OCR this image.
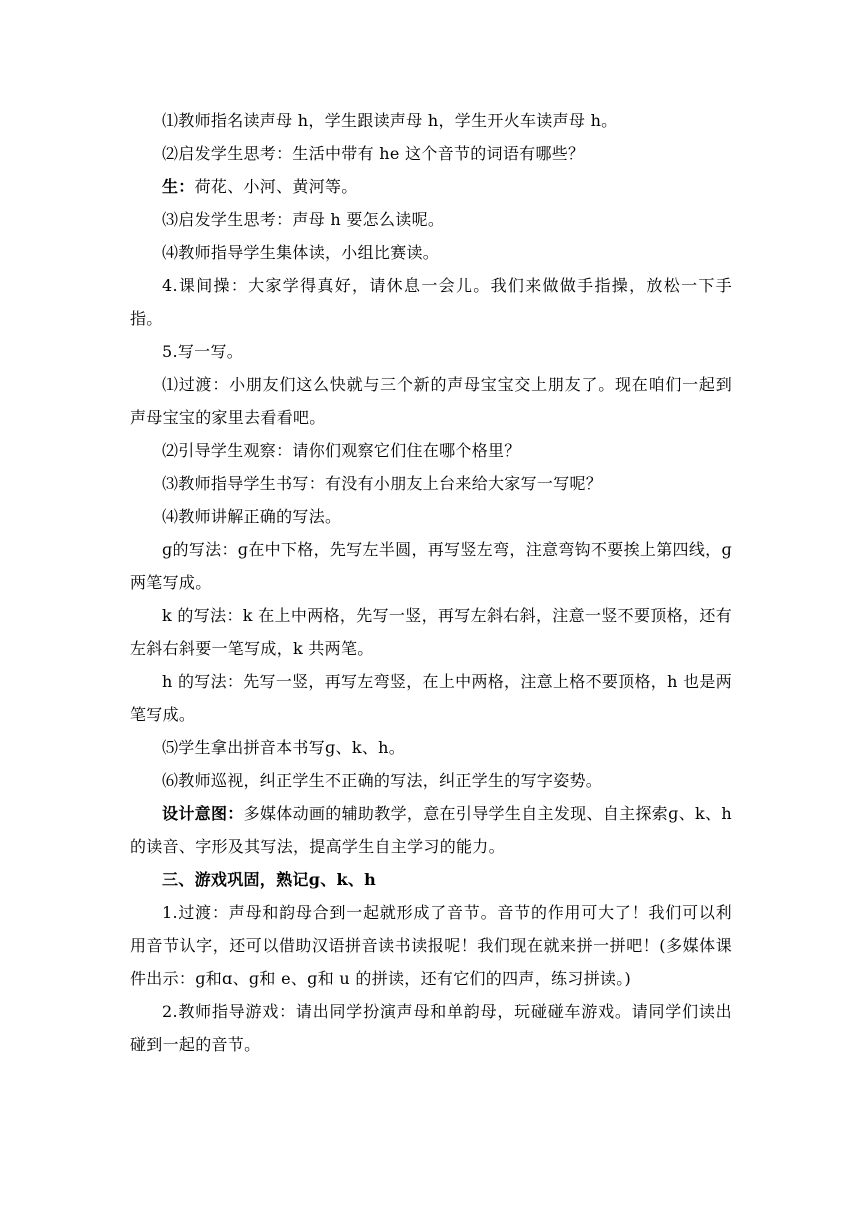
⑴教师指名读声母 h，学生跟读声母 h，学生开火车读声母 h。

⑵启发学生思考：生活中带有 he 这个音节的词语有哪些？

生：荷花、小河、黄河等。

⑶启发学生思考：声母 h 要怎么读呢。

⑷教师指导学生集体读，小组比赛读。

4.课间操：大家学得真好，请休息一会儿。我们来做做手指操，放松一下手指。

5.写一写。

⑴过渡：小朋友们这么快就与三个新的声母宝宝交上朋友了。现在咱们一起到声母宝宝的家里去看看吧。

⑵引导学生观察：请你们观察它们住在哪个格里？

⑶教师指导学生书写：有没有小朋友上台来给大家写一写呢？

⑷教师讲解正确的写法。

ɡ的写法：ɡ在中下格，先写左半圆，再写竖左弯，注意弯钩不要挨上第四线，ɡ两笔写成。

k 的写法：k 在上中两格，先写一竖，再写左斜右斜，注意一竖不要顶格，还有左斜右斜要一笔写成，k 共两笔。

h 的写法：先写一竖，再写左弯竖，在上中两格，注意上格不要顶格，h 也是两笔写成。

⑸学生拿出拼音本书写ɡ、k、h。

⑹教师巡视，纠正学生不正确的写法，纠正学生的写字姿势。

设计意图：多媒体动画的辅助教学，意在引导学生自主发现、自主探索ɡ、k、h 的读音、字形及其写法，提高学生自主学习的能力。

三、游戏巩固，熟记ɡ、k、h

1.过渡：声母和韵母合到一起就形成了音节。音节的作用可大了！我们可以利用音节认字，还可以借助汉语拼音读书读报呢！我们现在就来拼一拼吧！(多媒体课件出示：ɡ和ɑ、ɡ和 e、ɡ和 u 的拼读，还有它们的四声，练习拼读。)

2.教师指导游戏：请出同学扮演声母和单韵母，玩碰碰车游戏。请同学们读出碰到一起的音节。
